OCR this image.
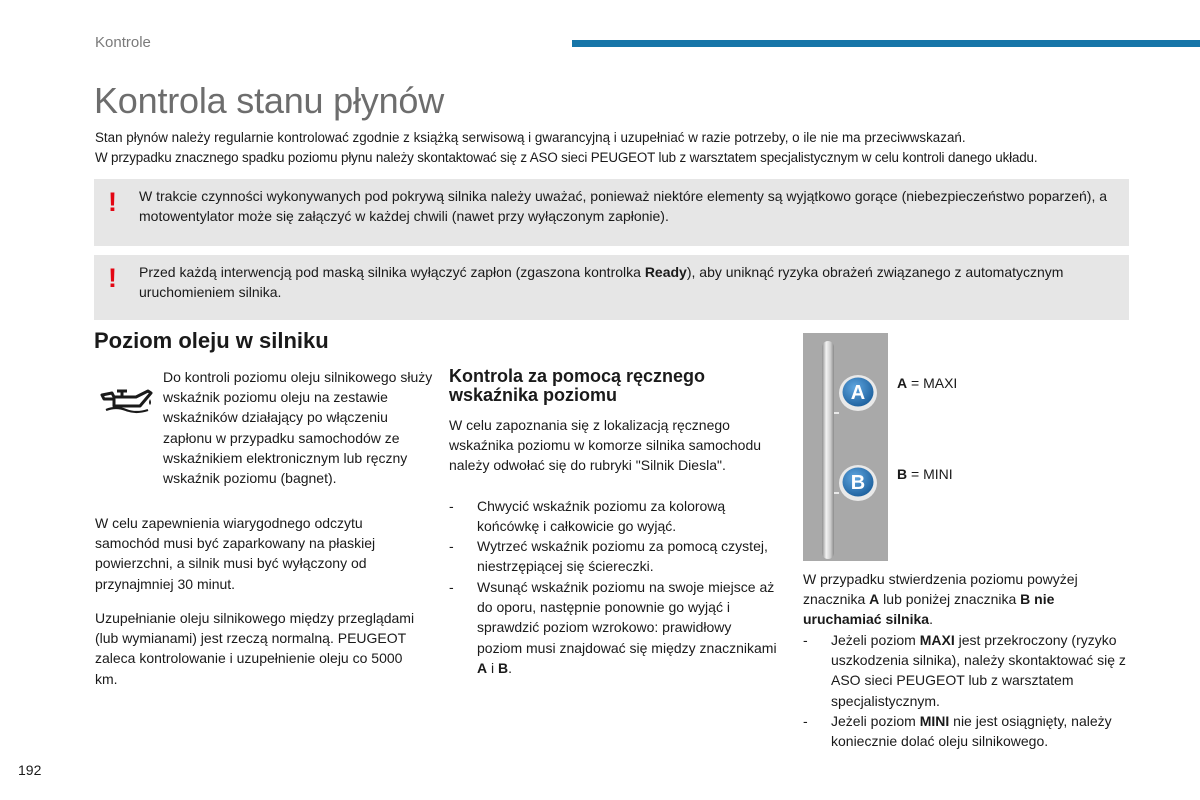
Kontrole
Kontrola stanu płynów
Stan płynów należy regularnie kontrolować zgodnie z książką serwisową i gwarancyjną i uzupełniać w razie potrzeby, o ile nie ma przeciwwskazań.
W przypadku znacznego spadku poziomu płynu należy skontaktować się z ASO sieci PEUGEOT lub z warsztatem specjalistycznym w celu kontroli danego układu.
! W trakcie czynności wykonywanych pod pokrywą silnika należy uważać, ponieważ niektóre elementy są wyjątkowo gorące (niebezpieczeństwo poparzeń), a motowentylator może się załączyć w każdej chwili (nawet przy wyłączonym zapłonie).
! Przed każdą interwencją pod maską silnika wyłączyć zapłon (zgaszona kontrolka Ready), aby uniknąć ryzyka obrażeń związanego z automatycznym uruchomieniem silnika.
Poziom oleju w silniku
Do kontroli poziomu oleju silnikowego służy wskaźnik poziomu oleju na zestawie wskaźników działający po włączeniu zapłonu w przypadku samochodów ze wskaźnikiem elektronicznym lub ręczny wskaźnik poziomu (bagnet).
W celu zapewnienia wiarygodnego odczytu samochód musi być zaparkowany na płaskiej powierzchni, a silnik musi być wyłączony od przynajmniej 30 minut.
Uzupełnianie oleju silnikowego między przeglądami (lub wymianami) jest rzeczą normalną. PEUGEOT zaleca kontrolowanie i uzupełnienie oleju co 5000 km.
Kontrola za pomocą ręcznego wskaźnika poziomu
W celu zapoznania się z lokalizacją ręcznego wskaźnika poziomu w komorze silnika samochodu należy odwołać się do rubryki "Silnik Diesla".
- Chwycić wskaźnik poziomu za kolorową końcówkę i całkowicie go wyjąć.
- Wytrzeć wskaźnik poziomu za pomocą czystej, niestrzępiącej się ściereczki.
- Wsunąć wskaźnik poziomu na swoje miejsce aż do oporu, następnie ponownie go wyjąć i sprawdzić poziom wzrokowo: prawidłowy poziom musi znajdować się między znacznikami A i B.
A
B
A = MAXI
B = MINI
W przypadku stwierdzenia poziomu powyżej znacznika A lub poniżej znacznika B nie uruchamiać silnika.
- Jeżeli poziom MAXI jest przekroczony (ryzyko uszkodzenia silnika), należy skontaktować się z ASO sieci PEUGEOT lub z warsztatem specjalistycznym.
- Jeżeli poziom MINI nie jest osiągnięty, należy koniecznie dolać oleju silnikowego.
192
